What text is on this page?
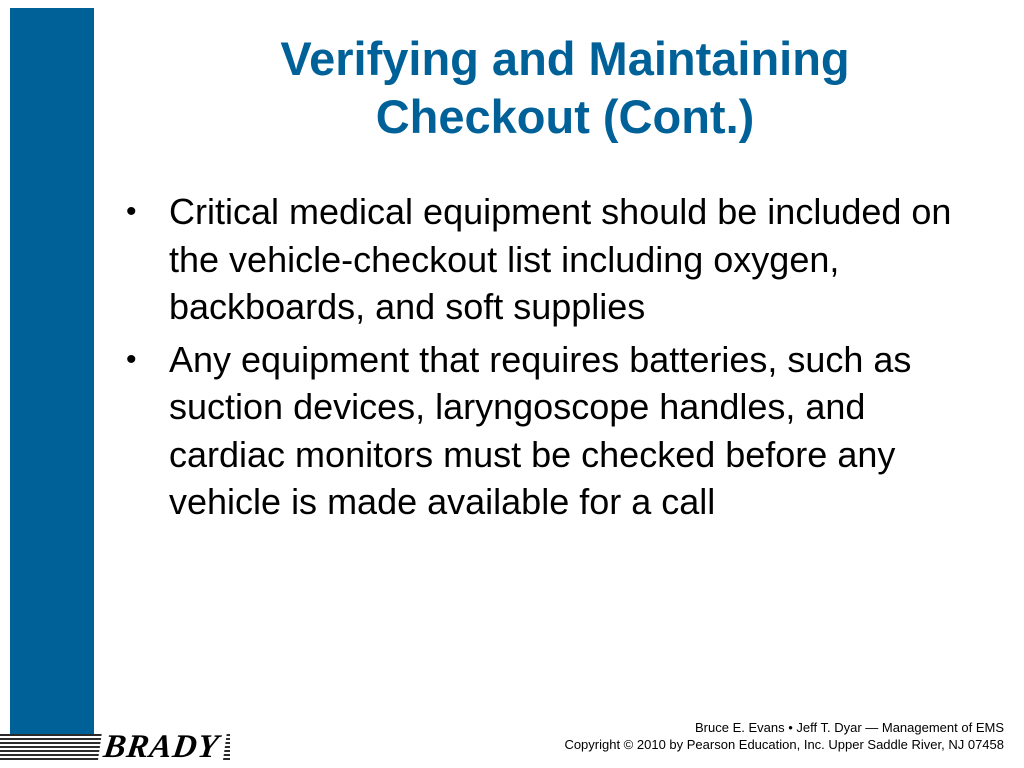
Verifying and Maintaining
Checkout (Cont.)
• Critical medical equipment should be included on the vehicle-checkout list including oxygen, backboards, and soft supplies
• Any equipment that requires batteries, such as suction devices, laryngoscope handles, and cardiac monitors must be checked before any vehicle is made available for a call
BRADY
Bruce E. Evans • Jeff T. Dyar — Management of EMS
Copyright © 2010 by Pearson Education, Inc. Upper Saddle River, NJ 07458
